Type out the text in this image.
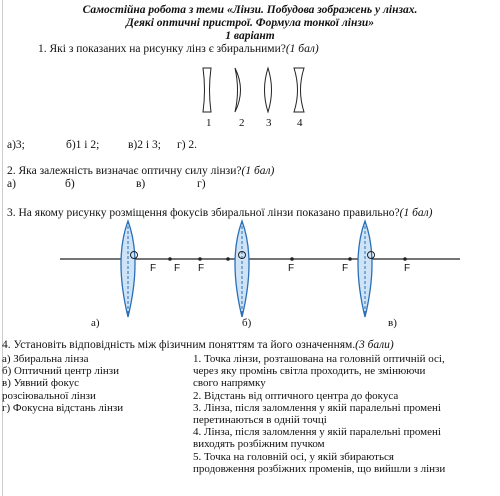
Самостійна робота з теми «Лінзи. Побудова зображень у лінзах.
Деякі оптичні пристрої. Формула тонкої лінзи»
1 варіант
1. Які з показаних на рисунку лінз є збиральними?(1 бал)
1	2 3 4
а)3;	б)1 і 2; в)2 і 3; г) 2.
2. Яка залежність визначає оптичну силу лінзи?(1 бал)
а)	б)	в)	г)
3. На якому рисунку розміщення фокусів збиральної лінзи показано правильно?(1 бал)
F F F	F	F	F
а)	б)	в)
4. Установіть відповідність між фізичним поняттям та його означенням.(3 бали)
а) Збиральна лінза
б) Оптичний центр лінзи
в) Уявний фокус
розсіювальної лінзи
г) Фокусна відстань лінзи
1. Точка лінзи, розташована на головній оптичній осі,
через яку промінь світла проходить, не змінюючи
свого напрямку
2. Відстань від оптичного центра до фокуса
3. Лінза, після заломлення у якій паралельні промені
перетинаються в одній точці
4. Лінза, після заломлення у якій паралельні промені
виходять розбіжним пучком
5. Точка на головній осі, у якій збираються
продовження розбіжних променів, що вийшли з лінзи
